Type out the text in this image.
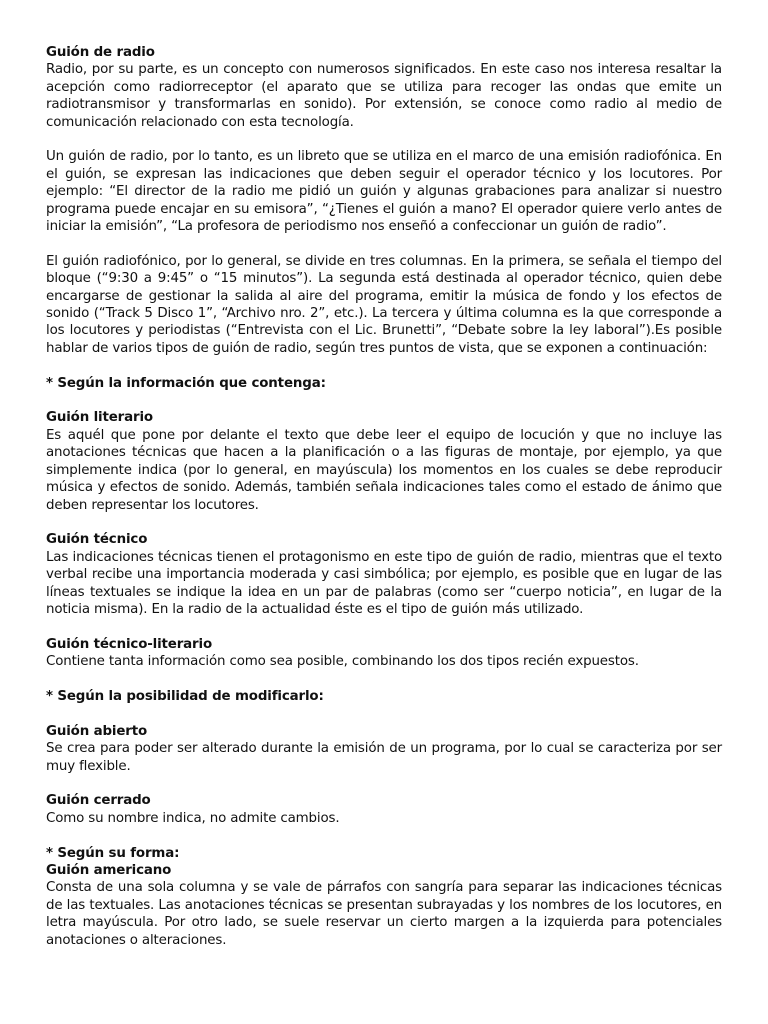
Guión de radio

Radio, por su parte, es un concepto con numerosos significados. En este caso nos interesa resaltar la acepción como radiorreceptor (el aparato que se utiliza para recoger las ondas que emite un radiotransmisor y transformarlas en sonido). Por extensión, se conoce como radio al medio de comunicación relacionado con esta tecnología.

Un guión de radio, por lo tanto, es un libreto que se utiliza en el marco de una emisión radiofónica. En el guión, se expresan las indicaciones que deben seguir el operador técnico y los locutores. Por ejemplo: “El director de la radio me pidió un guión y algunas grabaciones para analizar si nuestro programa puede encajar en su emisora”, “¿Tienes el guión a mano? El operador quiere verlo antes de iniciar la emisión”, “La profesora de periodismo nos enseñó a confeccionar un guión de radio”.

El guión radiofónico, por lo general, se divide en tres columnas. En la primera, se señala el tiempo del bloque (“9:30 a 9:45” o “15 minutos”). La segunda está destinada al operador técnico, quien debe encargarse de gestionar la salida al aire del programa, emitir la música de fondo y los efectos de sonido (“Track 5 Disco 1”, “Archivo nro. 2”, etc.). La tercera y última columna es la que corresponde a los locutores y periodistas (“Entrevista con el Lic. Brunetti”, “Debate sobre la ley laboral”).Es posible hablar de varios tipos de guión de radio, según tres puntos de vista, que se exponen a continuación:

* Según la información que contenga:

Guión literario

Es aquél que pone por delante el texto que debe leer el equipo de locución y que no incluye las anotaciones técnicas que hacen a la planificación o a las figuras de montaje, por ejemplo, ya que simplemente indica (por lo general, en mayúscula) los momentos en los cuales se debe reproducir música y efectos de sonido. Además, también señala indicaciones tales como el estado de ánimo que deben representar los locutores.

Guión técnico

Las indicaciones técnicas tienen el protagonismo en este tipo de guión de radio, mientras que el texto verbal recibe una importancia moderada y casi simbólica; por ejemplo, es posible que en lugar de las líneas textuales se indique la idea en un par de palabras (como ser “cuerpo noticia”, en lugar de la noticia misma). En la radio de la actualidad éste es el tipo de guión más utilizado.

Guión técnico-literario

Contiene tanta información como sea posible, combinando los dos tipos recién expuestos.

* Según la posibilidad de modificarlo:

Guión abierto

Se crea para poder ser alterado durante la emisión de un programa, por lo cual se caracteriza por ser muy flexible.

Guión cerrado

Como su nombre indica, no admite cambios.

* Según su forma:

Guión americano

Consta de una sola columna y se vale de párrafos con sangría para separar las indicaciones técnicas de las textuales. Las anotaciones técnicas se presentan subrayadas y los nombres de los locutores, en letra mayúscula. Por otro lado, se suele reservar un cierto margen a la izquierda para potenciales anotaciones o alteraciones.
